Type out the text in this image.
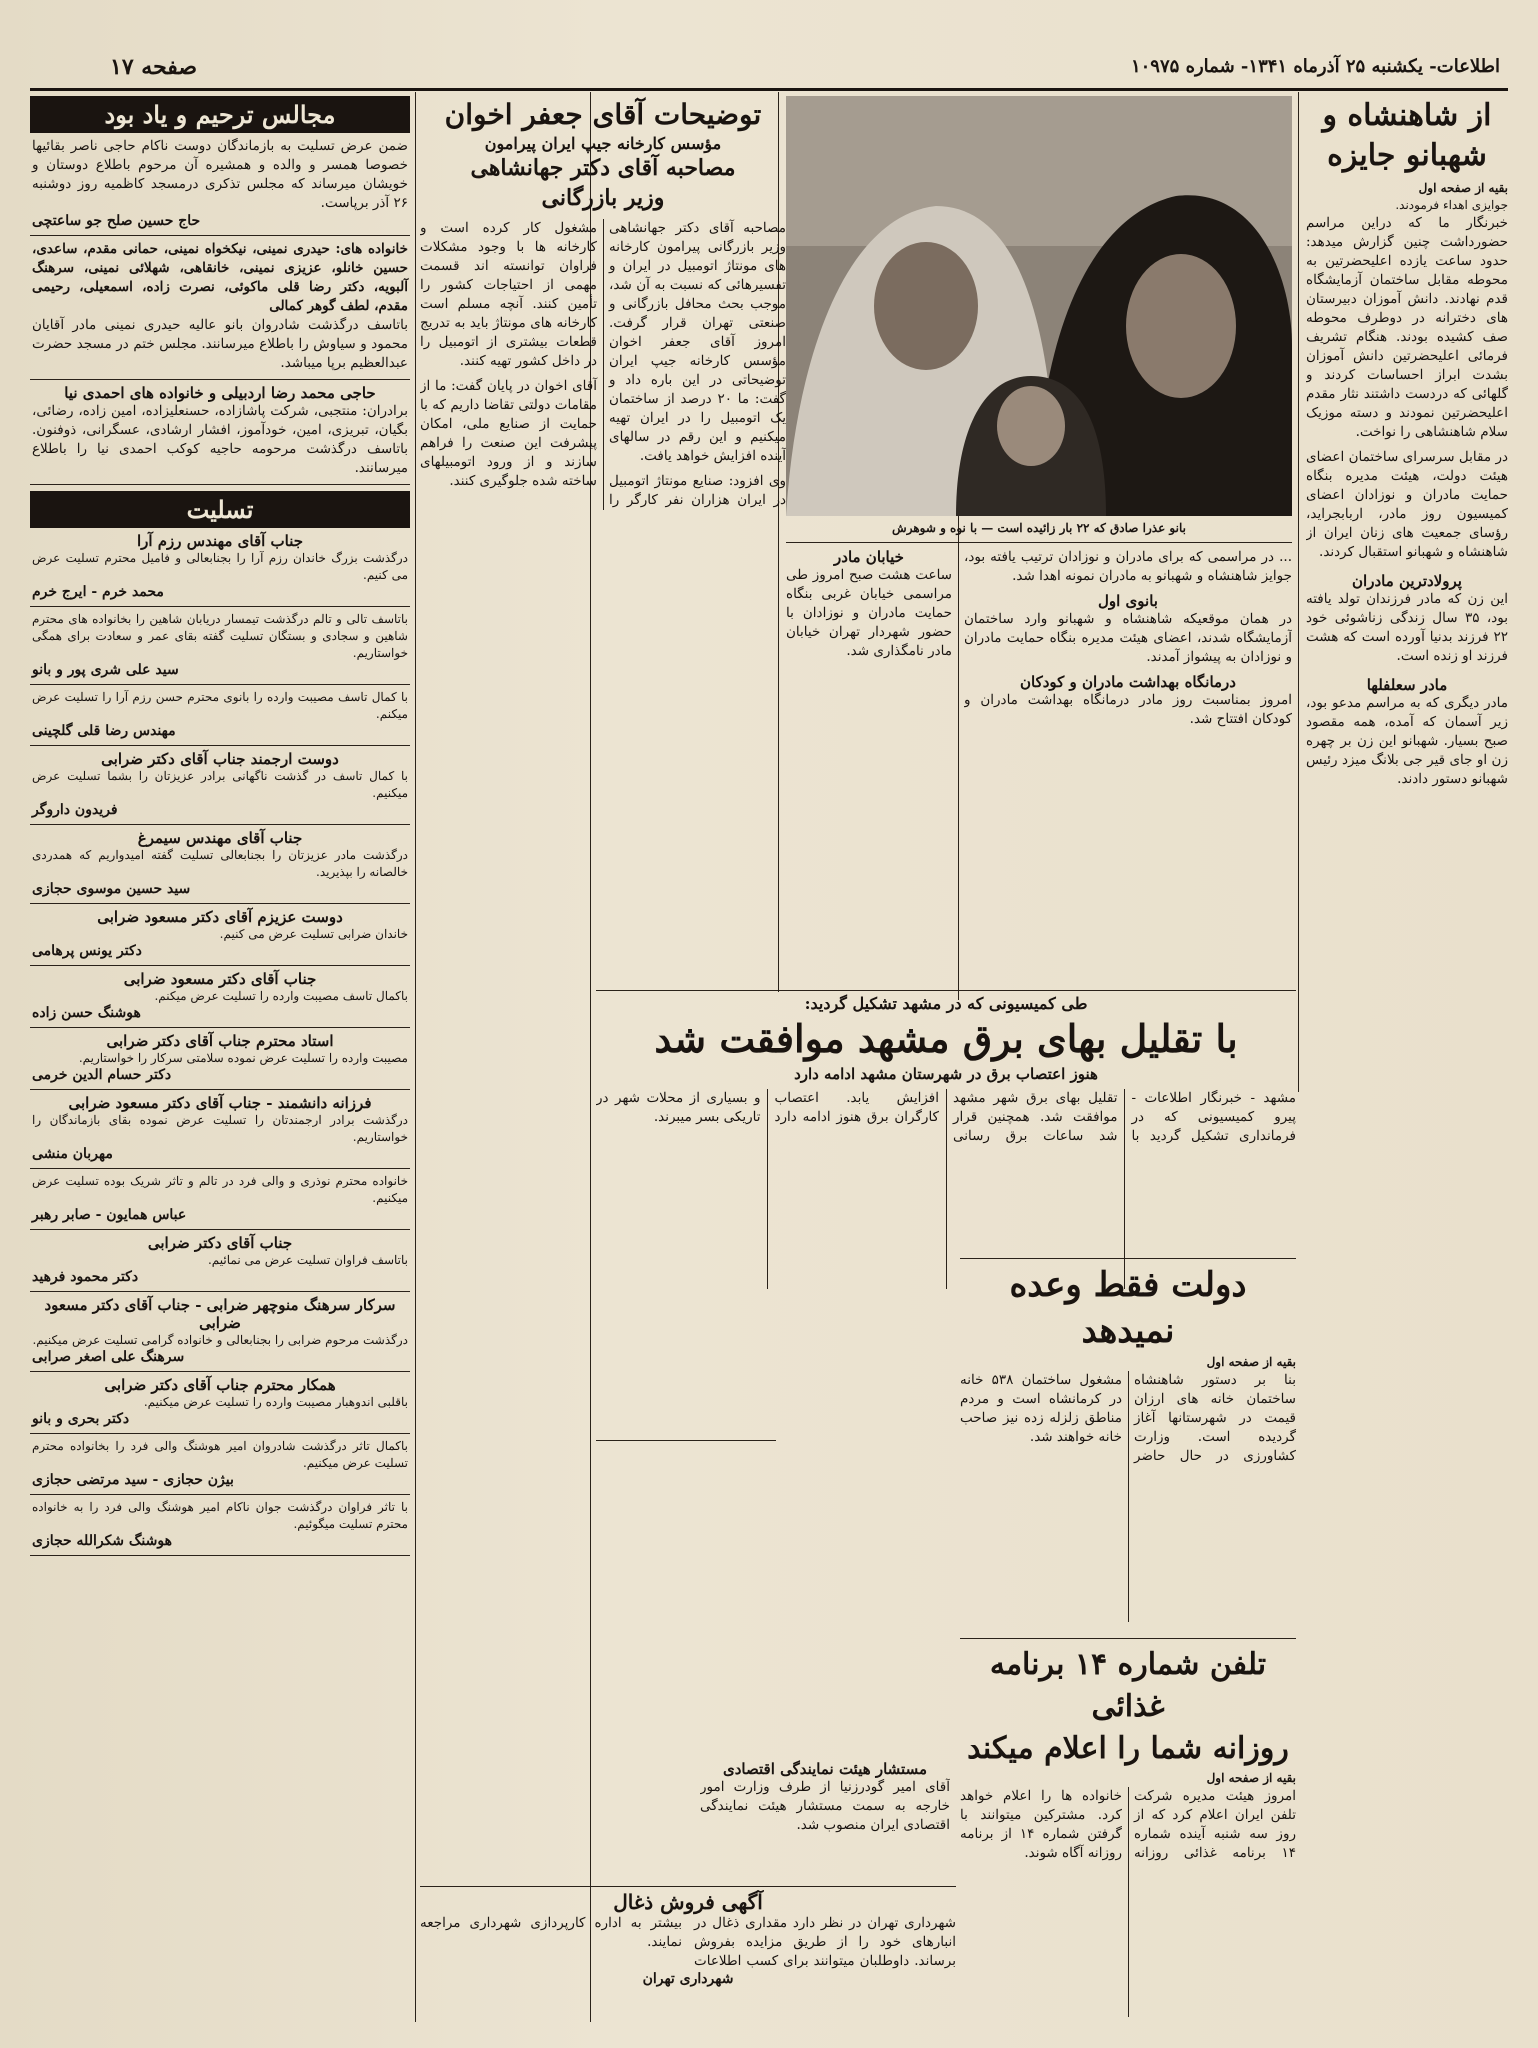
اطلاعات- یکشنبه ۲۵ آذرماه ۱۳۴۱- شماره ۱۰۹۷۵
صفحه ۱۷
از شاهنشاه و
شهبانو جایزه
بقیه از صفحه اول
جوایزی اهداء فرمودند.
خبرنگار ما که دراین مراسم حضورداشت چنین گزارش میدهد: حدود ساعت یازده اعلیحضرتین به محوطه مقابل ساختمان آزمایشگاه قدم نهادند. دانش آموزان دبیرستان های دخترانه در دوطرف محوطه صف کشیده بودند. هنگام تشریف فرمائی اعلیحضرتین دانش آموزان بشدت ابراز احساسات کردند و گلهائی که دردست داشتند نثار مقدم اعلیحضرتین نمودند و دسته موزیک سلام شاهنشاهی را نواخت.
در مقابل سرسرای ساختمان اعضای هیئت دولت، هیئت مدیره بنگاه حمایت مادران و نوزادان اعضای کمیسیون روز مادر، اربابجراید، رؤسای جمعیت های زنان ایران از شاهنشاه و شهبانو استقبال کردند.
پرولادترین مادران
این زن که مادر فرزندان تولد یافته بود، ۳۵ سال زندگی زناشوئی خود ۲۲ فرزند بدنیا آورده است که هشت فرزند او زنده است.
مادر سعلفلها
مادر دیگری که به مراسم مدعو بود، زیر آسمان که آمده، همه مقصود صبح بسیار. شهبانو این زن بر چهره زن او جای قیر جی بلانگ میزد رئیس شهبانو دستور دادند.
بانو عذرا صادق که ۲۲ بار زائیده است — با نوه و شوهرش
... در مراسمی که برای مادران و نوزادان ترتیب یافته بود، جوایز شاهنشاه و شهبانو به مادران نمونه اهدا شد.
بانوی اول
در همان موقعیکه شاهنشاه و شهبانو وارد ساختمان آزمایشگاه شدند، اعضای هیئت مدیره بنگاه حمایت مادران و نوزادان به پیشواز آمدند.
درمانگاه بهداشت مادران و کودکان
امروز بمناسبت روز مادر درمانگاه بهداشت مادران و کودکان افتتاح شد.
خیابان مادر
ساعت هشت صبح امروز طی مراسمی خیابان غربی بنگاه حمایت مادران و نوزادان با حضور شهردار تهران خیابان مادر نامگذاری شد.
طی کمیسیونی که در مشهد تشکیل گردید:
با تقلیل بهای برق مشهد موافقت شد
هنوز اعتصاب برق در شهرستان مشهد ادامه دارد
مشهد - خبرنگار اطلاعات - پیرو کمیسیونی که در فرمانداری تشکیل گردید با تقلیل بهای برق شهر مشهد موافقت شد. همچنین قرار شد ساعات برق رسانی افزایش یابد. اعتصاب کارگران برق هنوز ادامه دارد و بسیاری از محلات شهر در تاریکی بسر میبرند.
دولت فقط وعده نمیدهد
بقیه از صفحه اول
بنا بر دستور شاهنشاه ساختمان خانه های ارزان قیمت در شهرستانها آغاز گردیده است. وزارت کشاورزی در حال حاضر مشغول ساختمان ۵۳۸ خانه در کرمانشاه است و مردم مناطق زلزله زده نیز صاحب خانه خواهند شد.
تلفن شماره ۱۴ برنامه غذائی
روزانه شما را اعلام میکند
بقیه از صفحه اول
امروز هیئت مدیره شرکت تلفن ایران اعلام کرد که از روز سه شنبه آینده شماره ۱۴ برنامه غذائی روزانه خانواده ها را اعلام خواهد کرد. مشترکین میتوانند با گرفتن شماره ۱۴ از برنامه روزانه آگاه شوند.
توضیحات آقای جعفر اخوان
مؤسس کارخانه جیپ ایران پیرامون
مصاحبه آقای دکتر جهانشاهی
وزیر بازرگانی
مصاحبه آقای دکتر جهانشاهی وزیر بازرگانی پیرامون کارخانه های مونتاژ اتومبیل در ایران و تفسیرهائی که نسبت به آن شد، موجب بحث محافل بازرگانی و صنعتی تهران قرار گرفت. امروز آقای جعفر اخوان مؤسس کارخانه جیپ ایران توضیحاتی در این باره داد و گفت: ما ۲۰ درصد از ساختمان یک اتومبیل را در ایران تهیه میکنیم و این رقم در سالهای آینده افزایش خواهد یافت.
وی افزود: صنایع مونتاژ اتومبیل در ایران هزاران نفر کارگر را مشغول کار کرده است و کارخانه ها با وجود مشکلات فراوان توانسته اند قسمت مهمی از احتیاجات کشور را تأمین کنند. آنچه مسلم است کارخانه های مونتاژ باید به تدریج قطعات بیشتری از اتومبیل را در داخل کشور تهیه کنند.
آقای اخوان در پایان گفت: ما از مقامات دولتی تقاضا داریم که با حمایت از صنایع ملی، امکان پیشرفت این صنعت را فراهم سازند و از ورود اتومبیلهای ساخته شده جلوگیری کنند.
مستشار هیئت نمایندگی اقتصادی
آقای امیر گودرزنیا از طرف وزارت امور خارجه به سمت مستشار هیئت نمایندگی اقتصادی ایران منصوب شد.
آگهی فروش ذغال
شهرداری تهران در نظر دارد مقداری ذغال در انبارهای خود را از طریق مزایده بفروش برساند. داوطلبان میتوانند برای کسب اطلاعات بیشتر به اداره کارپردازی شهرداری مراجعه نمایند.
شهرداری تهران
مجالس ترحیم و یاد بود
ضمن عرض تسلیت به بازماندگان دوست ناکام حاجی ناصر بقائیها خصوصا همسر و والده و همشیره آن مرحوم باطلاع دوستان و خویشان میرساند که مجلس تذکری درمسجد کاظمیه روز دوشنبه ۲۶ آذر برپاست.
حاج حسین صلح جو ساعتچی
خانواده های: حیدری نمینی، نیکخواه نمینی، حمانی مقدم، ساعدی، حسین خانلو، عزیزی نمینی، خانقاهی، شهلائی نمینی، سرهنگ آلبویه، دکتر رضا قلی ماکوئی، نصرت زاده، اسمعیلی، رحیمی مقدم، لطف گوهر کمالی
باتاسف درگذشت شادروان بانو عالیه حیدری نمینی مادر آقایان محمود و سیاوش را باطلاع میرسانند. مجلس ختم در مسجد حضرت عبدالعظیم برپا میباشد.
حاجی محمد رضا اردبیلی و خانواده های احمدی نیا
برادران: منتجبی، شرکت پاشازاده، حسنعلیزاده، امین زاده، رضائی، بگیان، تبریزی، امین، خودآموز، افشار ارشادی، عسگرانی، ذوفنون. باتاسف درگذشت مرحومه حاجیه کوکب احمدی نیا را باطلاع میرسانند.
تسلیت
جناب آقای مهندس رزم آرا
درگذشت بزرگ خاندان رزم آرا را بجنابعالی و فامیل محترم تسلیت عرض می کنیم.
محمد خرم - ایرج خرم
باتاسف تالی و تالم درگذشت تیمسار دریابان شاهین را بخانواده های محترم شاهین و سجادی و بستگان تسلیت گفته بقای عمر و سعادت برای همگی خواستاریم.
سید علی شری پور و بانو
با کمال تاسف مصیبت وارده را بانوی محترم حسن رزم آرا را تسلیت عرض میکنم.
مهندس رضا قلی گلچینی
دوست ارجمند جناب آقای دکتر ضرابی
با کمال تاسف در گذشت ناگهانی برادر عزیزتان را بشما تسلیت عرض میکنیم.
فریدون داروگر
جناب آقای مهندس سیمرغ
درگذشت مادر عزیزتان را بجنابعالی تسلیت گفته امیدواریم که همدردی خالصانه را بپذیرید.
سید حسین موسوی حجازی
دوست عزیزم آقای دکتر مسعود ضرابی
خاندان ضرابی تسلیت عرض می کنیم.
دکتر یونس پرهامی
جناب آقای دکتر مسعود ضرابی
باکمال تاسف مصیبت وارده را تسلیت عرض میکنم.
هوشنگ حسن زاده
استاد محترم جناب آقای دکتر ضرابی
مصیبت وارده را تسلیت عرض نموده سلامتی سرکار را خواستاریم.
دکتر حسام الدین خرمی
فرزانه دانشمند - جناب آقای دکتر مسعود ضرابی
درگذشت برادر ارجمندتان را تسلیت عرض نموده بقای بازماندگان را خواستاریم.
مهربان منشی
خانواده محترم نوذری و والی فرد در تالم و تاثر شریک بوده تسلیت عرض میکنیم.
عباس همایون - صابر رهبر
جناب آقای دکتر ضرابی
باتاسف فراوان تسلیت عرض می نمائیم.
دکتر محمود فرهید
سرکار سرهنگ منوچهر ضرابی - جناب آقای دکتر مسعود ضرابی
درگذشت مرحوم ضرابی را بجنابعالی و خانواده گرامی تسلیت عرض میکنیم.
سرهنگ علی اصغر صرابی
همکار محترم جناب آقای دکتر ضرابی
باقلبی اندوهبار مصیبت وارده را تسلیت عرض میکنیم.
دکتر بحری و بانو
باکمال تاثر درگذشت شادروان امیر هوشنگ والی فرد را بخانواده محترم تسلیت عرض میکنیم.
بیژن حجازی - سید مرتضی حجازی
با تاثر فراوان درگذشت جوان ناکام امیر هوشنگ والی فرد را به خانواده محترم تسلیت میگوئیم.
هوشنگ شکرالله حجازی
